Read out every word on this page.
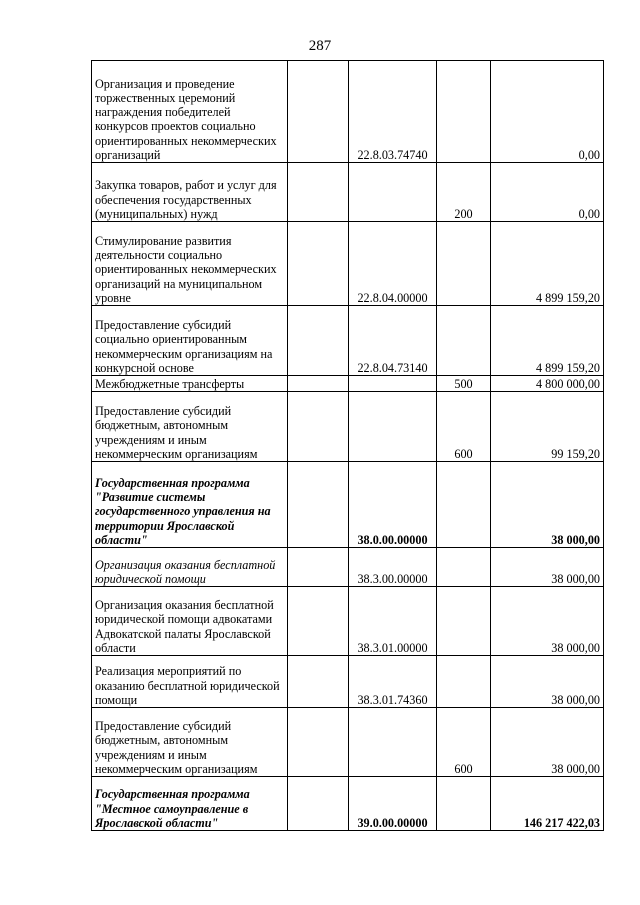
287
Организация и проведение торжественных церемоний награждения победителей конкурсов проектов социально ориентированных некоммерческих организаций		22.8.03.74740		0,00
Закупка товаров, работ и услуг для обеспечения государственных (муниципальных) нужд			200	0,00
Стимулирование развития деятельности социально ориентированных некоммерческих организаций на муниципальном уровне		22.8.04.00000		4 899 159,20
Предоставление субсидий социально ориентированным некоммерческим организациям на конкурсной основе		22.8.04.73140		4 899 159,20
Межбюджетные трансферты			500	4 800 000,00
Предоставление субсидий бюджетным, автономным учреждениям и иным некоммерческим организациям			600	99 159,20
Государственная программа "Развитие системы государственного управления на территории Ярославской области"		38.0.00.00000		38 000,00
Организация оказания бесплатной юридической помощи		38.3.00.00000		38 000,00
Организация оказания бесплатной юридической помощи адвокатами Адвокатской палаты Ярославской области		38.3.01.00000		38 000,00
Реализация мероприятий по оказанию бесплатной юридической помощи		38.3.01.74360		38 000,00
Предоставление субсидий бюджетным, автономным учреждениям и иным некоммерческим организациям			600	38 000,00
Государственная программа "Местное самоуправление в Ярославской области"		39.0.00.00000		146 217 422,03
